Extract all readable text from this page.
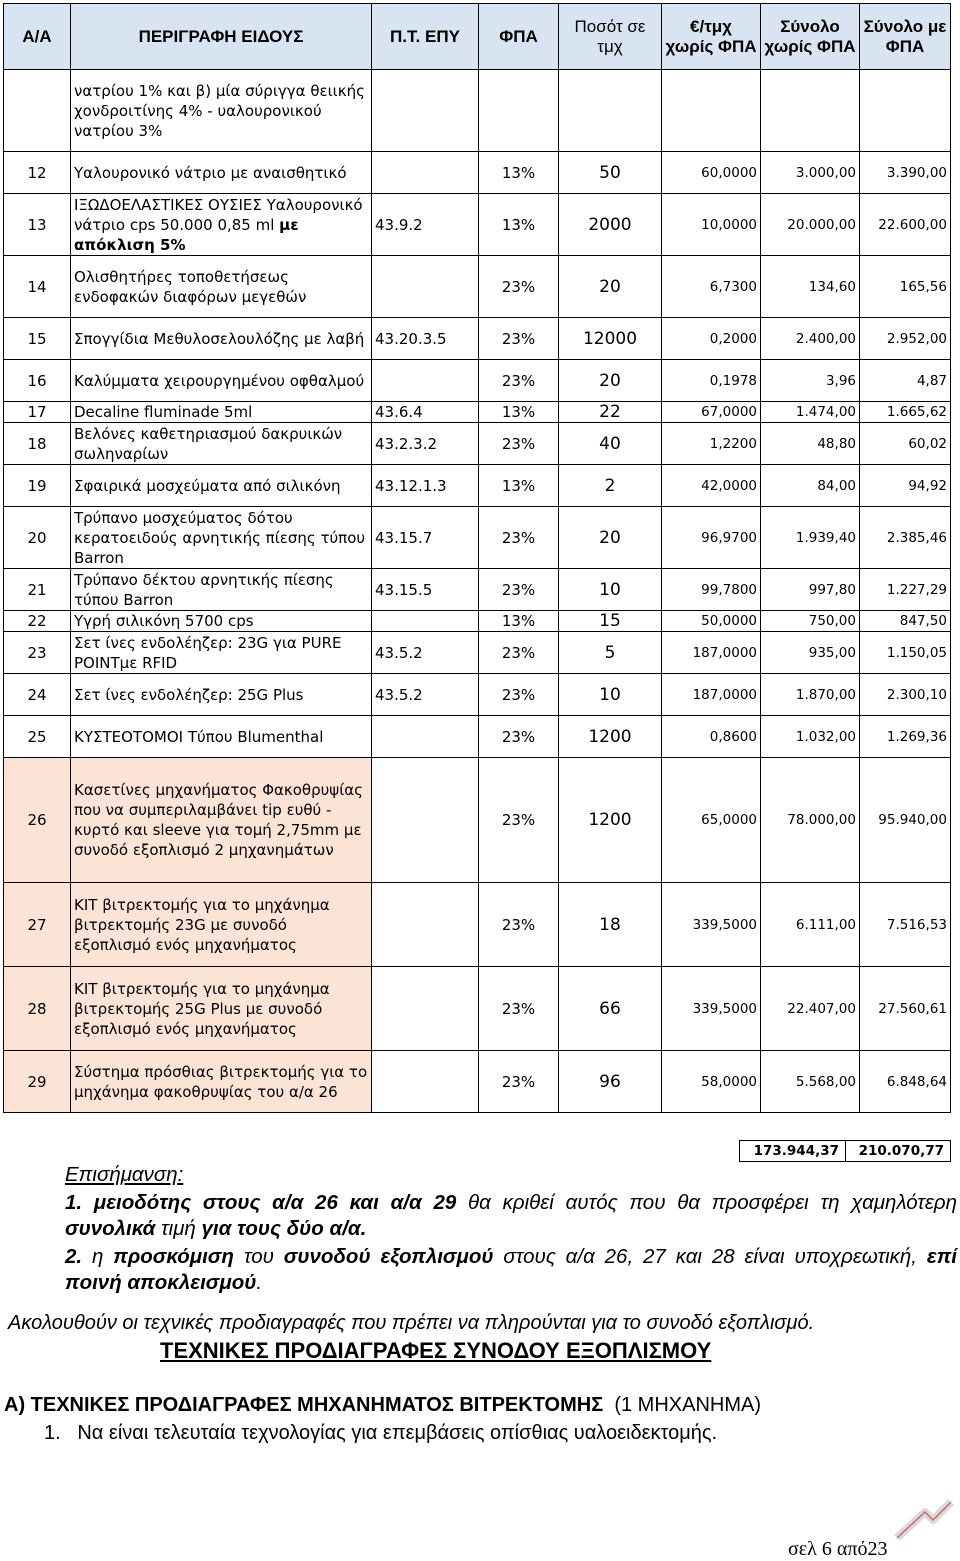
Α/Α	ΠΕΡΙΓΡΑΦΗ ΕΙΔΟΥΣ	Π.Τ. ΕΠΥ	ΦΠΑ	Ποσότ σε τμχ	€/τμχ χωρίς ΦΠΑ	Σύνολο χωρίς ΦΠΑ	Σύνολο με ΦΠΑ
	νατρίου 1% και β) μία σύριγγα θειικής χονδροιτίνης 4% - υαλουρονικού νατρίου 3%						
12	Υαλουρονικό νάτριο με αναισθητικό		13%	50	60,0000	3.000,00	3.390,00
13	ΙΞΩΔΟΕΛΑΣΤΙΚΕΣ ΟΥΣΙΕΣ Υαλουρονικό νάτριο cps 50.000 0,85 ml με απόκλιση 5%	43.9.2	13%	2000	10,0000	20.000,00	22.600,00
14	Ολισθητήρες τοποθετήσεως ενδοφακών διαφόρων μεγεθών		23%	20	6,7300	134,60	165,56
15	Σπογγίδια Μεθυλοσελουλόζης με λαβή	43.20.3.5	23%	12000	0,2000	2.400,00	2.952,00
16	Καλύμματα χειρουργημένου οφθαλμού		23%	20	0,1978	3,96	4,87
17	Decaline fluminade 5ml	43.6.4	13%	22	67,0000	1.474,00	1.665,62
18	Βελόνες καθετηριασμού δακρυικών σωληναρίων	43.2.3.2	23%	40	1,2200	48,80	60,02
19	Σφαιρικά μοσχεύματα από σιλικόνη	43.12.1.3	13%	2	42,0000	84,00	94,92
20	Τρύπανο μοσχεύματος δότου κερατοειδούς αρνητικής πίεσης τύπου Barron	43.15.7	23%	20	96,9700	1.939,40	2.385,46
21	Τρύπανο δέκτου αρνητικής πίεσης τύπου Barron	43.15.5	23%	10	99,7800	997,80	1.227,29
22	Υγρή σιλικόνη 5700 cps		13%	15	50,0000	750,00	847,50
23	Σετ ίνες ενδολέηζερ: 23G για PURE POINTμε RFID	43.5.2	23%	5	187,0000	935,00	1.150,05
24	Σετ ίνες ενδολέηζερ: 25G Plus	43.5.2	23%	10	187,0000	1.870,00	2.300,10
25	ΚΥΣΤΕΟΤΟΜΟΙ Τύπου Blumenthal		23%	1200	0,8600	1.032,00	1.269,36
26	Κασετίνες μηχανήματος Φακοθρυψίας που να συμπεριλαμβάνει tip ευθύ - κυρτό και sleeve για τομή 2,75mm με συνοδό εξοπλισμό 2 μηχανημάτων		23%	1200	65,0000	78.000,00	95.940,00
27	ΚΙΤ βιτρεκτομής για το μηχάνημα βιτρεκτομής 23G με συνοδό εξοπλισμό ενός μηχανήματος		23%	18	339,5000	6.111,00	7.516,53
28	ΚΙΤ βιτρεκτομής για το μηχάνημα βιτρεκτομής 25G Plus με συνοδό εξοπλισμό ενός μηχανήματος		23%	66	339,5000	22.407,00	27.560,61
29	Σύστημα πρόσθιας βιτρεκτομής για το μηχάνημα φακοθρυψίας του α/α 26		23%	96	58,0000	5.568,00	6.848,64
173.944,37	210.070,77
Επισήμανση:
1. μειοδότης στους α/α 26 και α/α 29 θα κριθεί αυτός που θα προσφέρει τη χαμηλότερη συνολικά τιμή για τους δύο α/α.
2. η προσκόμιση του συνοδού εξοπλισμού στους α/α 26, 27 και 28 είναι υποχρεωτική, επί ποινή αποκλεισμού.
Ακολουθούν οι τεχνικές προδιαγραφές που πρέπει να πληρούνται για το συνοδό εξοπλισμό.
ΤΕΧΝΙΚΕΣ ΠΡΟΔΙΑΓΡΑΦΕΣ ΣΥΝΟΔΟΥ ΕΞΟΠΛΙΣΜΟΥ
Α) ΤΕΧΝΙΚΕΣ ΠΡΟΔΙΑΓΡΑΦΕΣ ΜΗΧΑΝΗΜΑΤΟΣ ΒΙΤΡΕΚΤΟΜΗΣ (1 ΜΗΧΑΝΗΜΑ)
1. Να είναι τελευταία τεχνολογίας για επεμβάσεις οπίσθιας υαλοειδεκτομής.
σελ 6 από23
